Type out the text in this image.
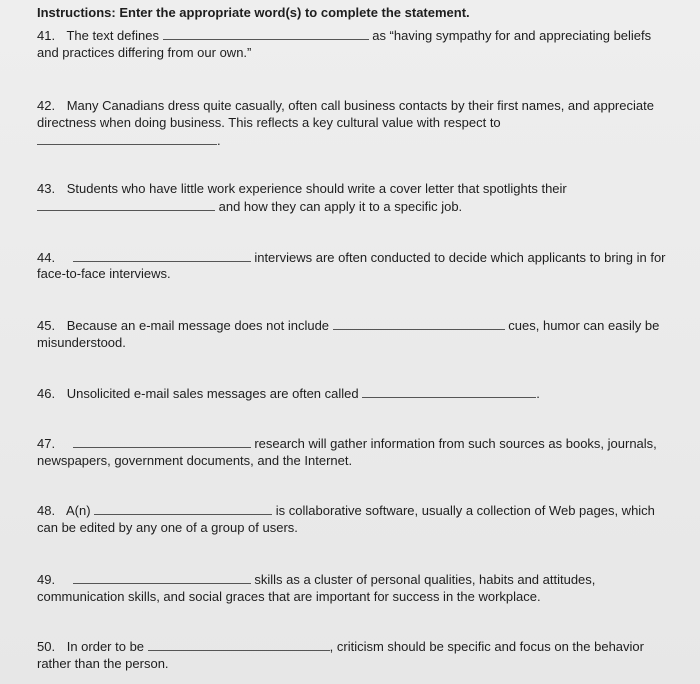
Instructions: Enter the appropriate word(s) to complete the statement.
41. The text defines	as “having sympathy for and appreciating beliefs
and practices differing from our own.”
42. Many Canadians dress quite casually, often call business contacts by their first names, and appreciate
directness when doing business. This reflects a key cultural value with respect to
.
43. Students who have little work experience should write a cover letter that spotlights their
and how they can apply it to a specific job.
44.	interviews are often conducted to decide which applicants to bring in for
face-to-face interviews.
45. Because an e-mail message does not include	cues, humor can easily be
misunderstood.
46. Unsolicited e-mail sales messages are often called	.
47.	research will gather information from such sources as books, journals,
newspapers, government documents, and the Internet.
48. A(n)	is collaborative software, usually a collection of Web pages, which
can be edited by any one of a group of users.
49.	skills as a cluster of personal qualities, habits and attitudes,
communication skills, and social graces that are important for success in the workplace.
50. In order to be	, criticism should be specific and focus on the behavior
rather than the person.
